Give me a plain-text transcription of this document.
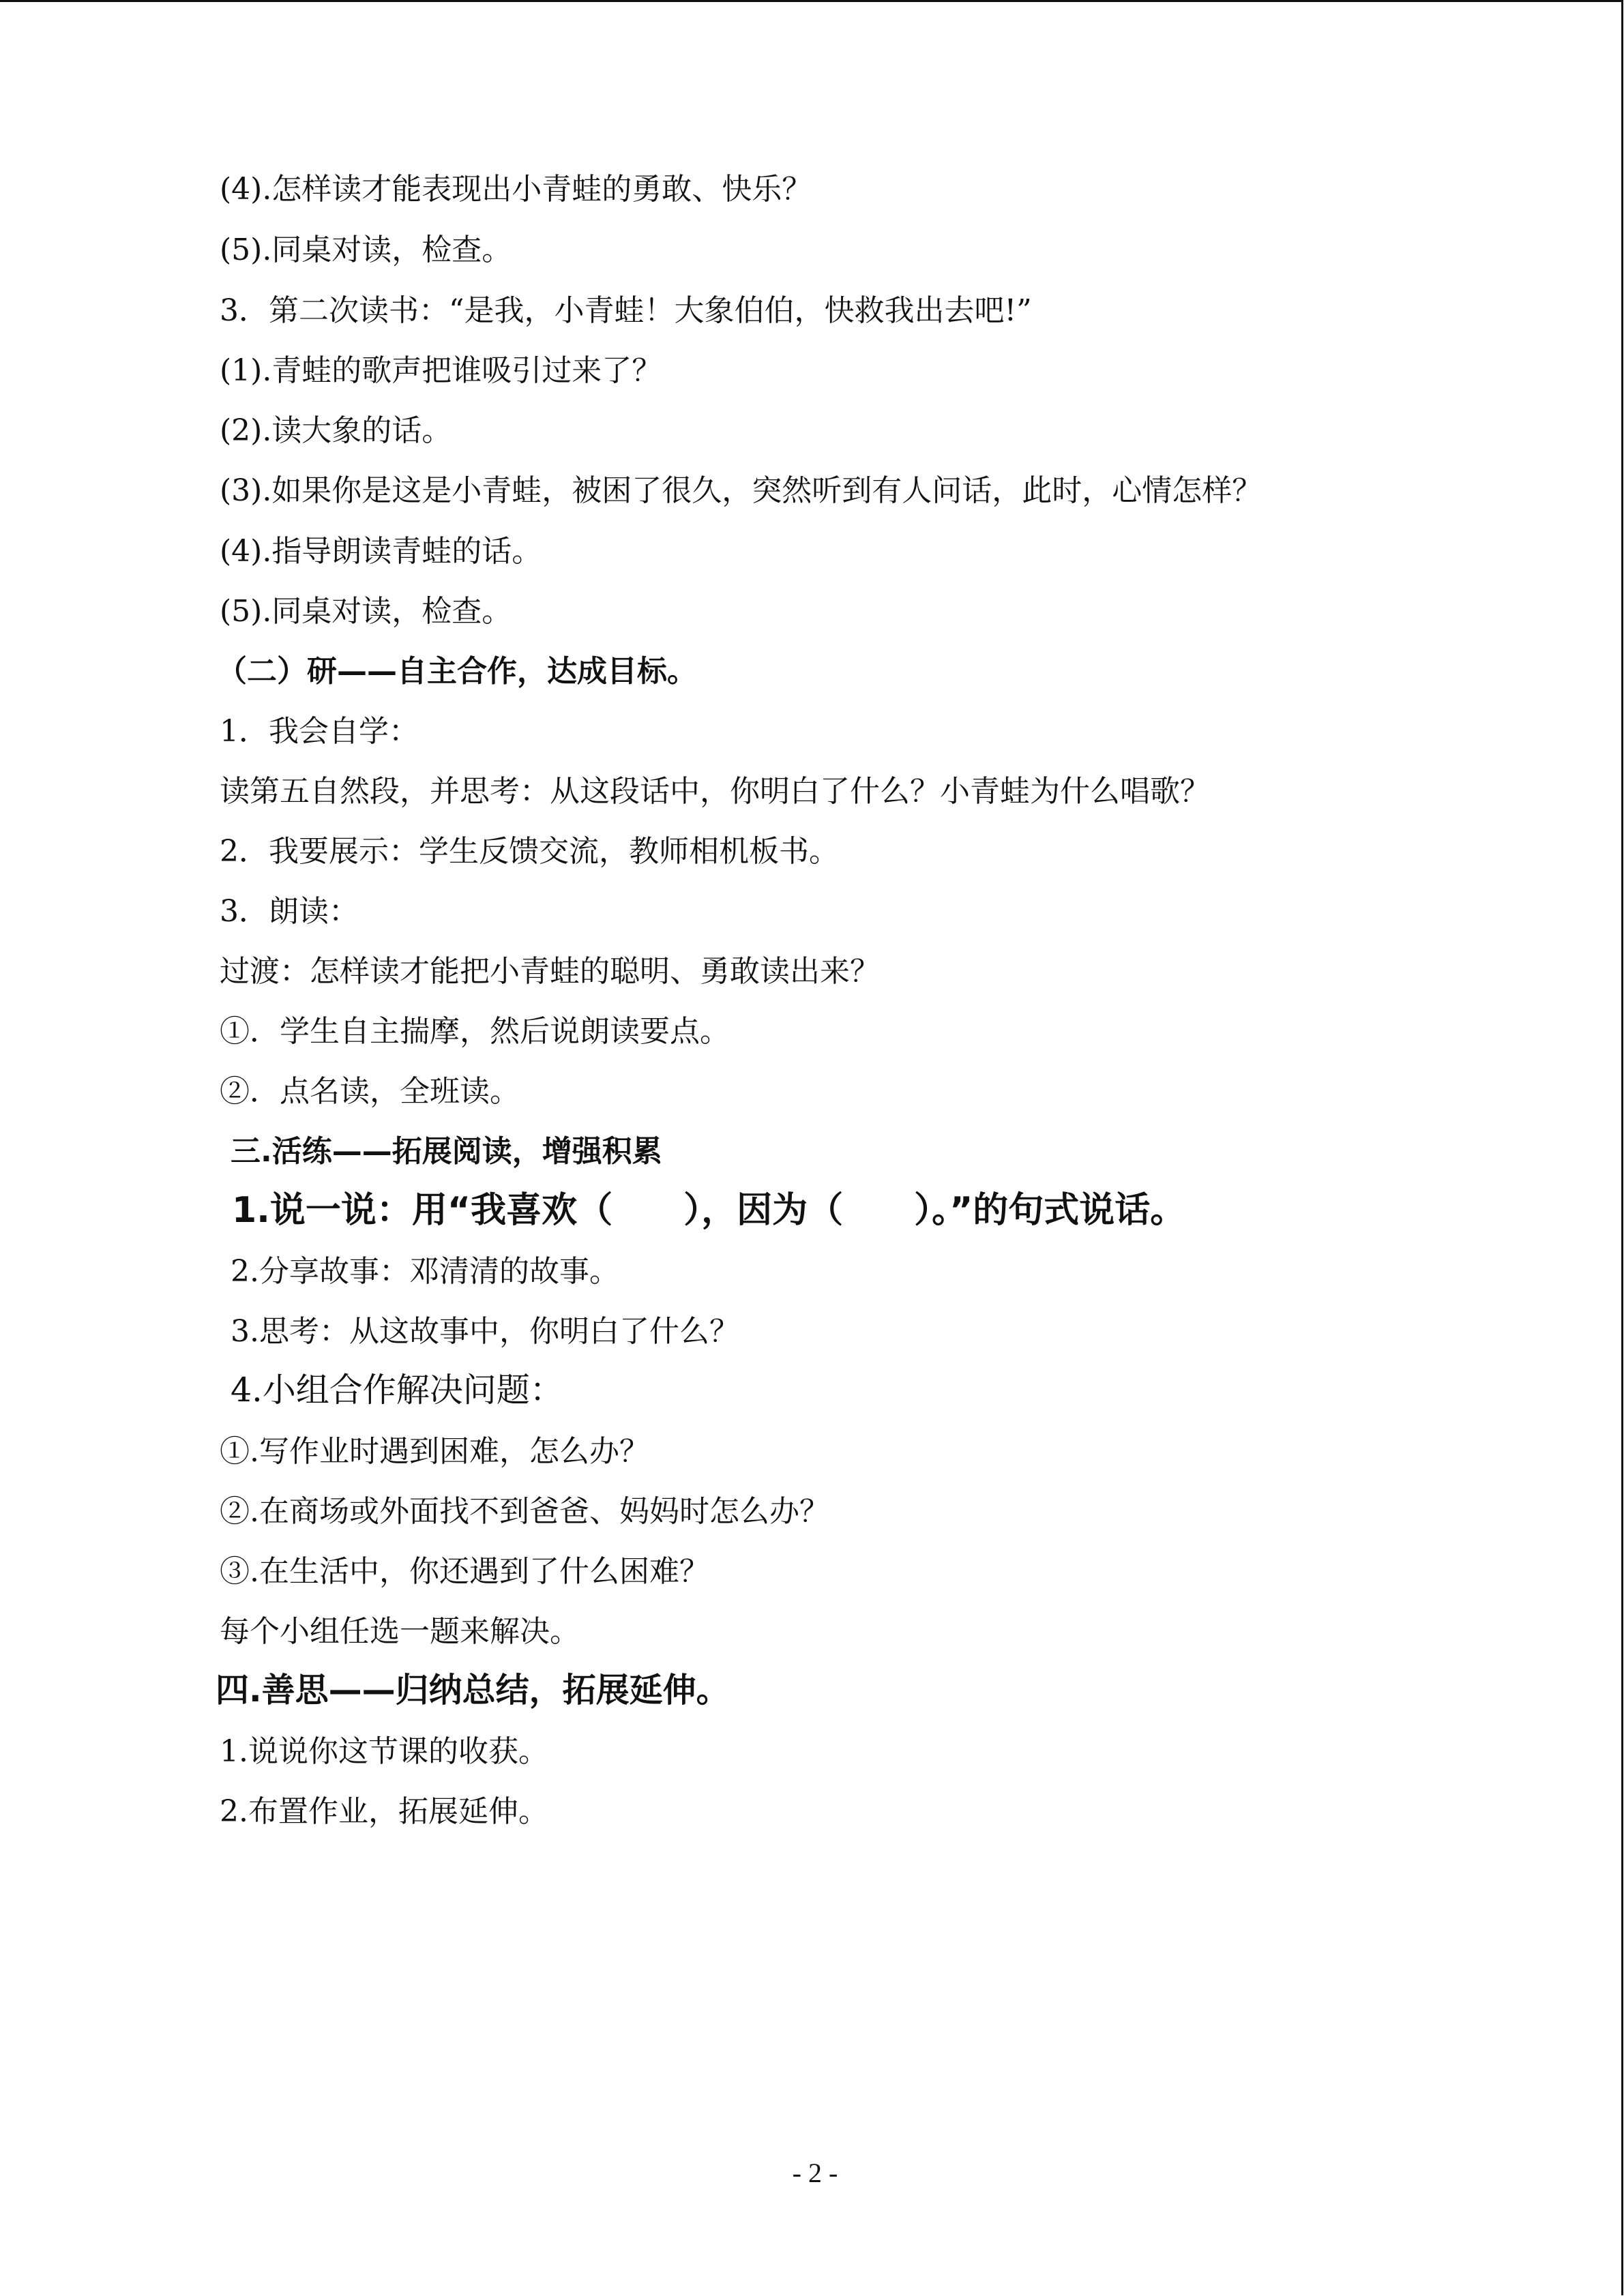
(4).怎样读才能表现出小青蛙的勇敢、快乐？
(5).同桌对读，检查。
3．第二次读书：“是我，小青蛙！大象伯伯，快救我出去吧!”
(1).青蛙的歌声把谁吸引过来了？
(2).读大象的话。
(3).如果你是这是小青蛙，被困了很久，突然听到有人问话，此时，心情怎样？
(4).指导朗读青蛙的话。
(5).同桌对读，检查。
（二）研——自主合作，达成目标。
1．我会自学：
读第五自然段，并思考：从这段话中，你明白了什么？小青蛙为什么唱歌？
2．我要展示：学生反馈交流，教师相机板书。
3．朗读：
过渡：怎样读才能把小青蛙的聪明、勇敢读出来？
①．学生自主揣摩，然后说朗读要点。
②．点名读，全班读。
三.活练——拓展阅读，增强积累
1.说一说：用“我喜欢（　　），因为（　　）。”的句式说话。
2.分享故事：邓清清的故事。
3.思考：从这故事中，你明白了什么？
4.小组合作解决问题：
①.写作业时遇到困难，怎么办？
②.在商场或外面找不到爸爸、妈妈时怎么办？
③.在生活中，你还遇到了什么困难？
每个小组任选一题来解决。
四.善思——归纳总结，拓展延伸。
1.说说你这节课的收获。
2.布置作业，拓展延伸。
- 2 -
